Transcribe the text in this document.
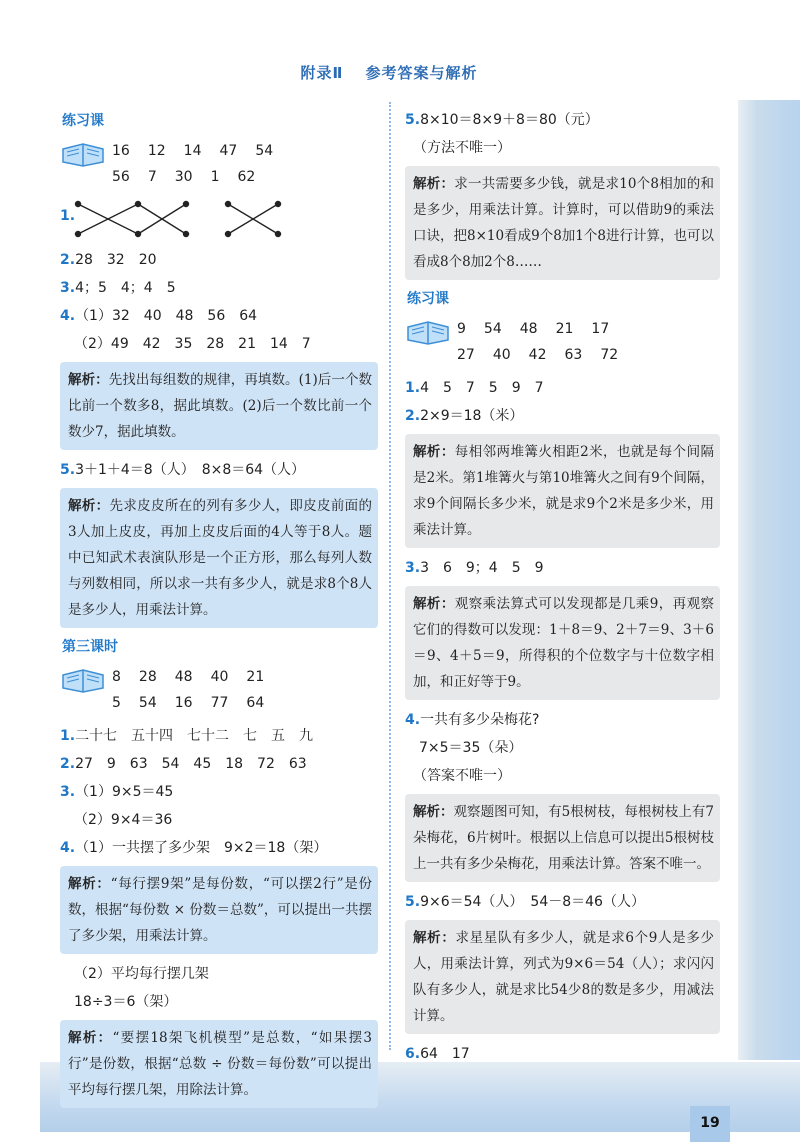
附录Ⅱ 参考答案与解析
练习课
16 12 14 47 54
56 7 30 1 62
1.
2.28　32　20
3.4；5　4；4　5
4.（1）32　40　48　56　64
（2）49　42　35　28　21　14　7
解析：先找出每组数的规律，再填数。(1)后一个数比前一个数多8，据此填数。(2)后一个数比前一个数少7，据此填数。
5.3＋1＋4＝8（人）　8×8＝64（人）
解析：先求皮皮所在的列有多少人，即皮皮前面的3人加上皮皮，再加上皮皮后面的4人等于8人。题中已知武术表演队形是一个正方形，那么每列人数与列数相同，所以求一共有多少人，就是求8个8人是多少人，用乘法计算。
第三课时
8 28 48 40 21
5 54 16 77 64
1.二十七　五十四　七十二　七　五　九
2.27　9　63　54　45　18　72　63
3.（1）9×5＝45
（2）9×4＝36
4.（1）一共摆了多少架　9×2＝18（架）
解析：“每行摆9架”是每份数，“可以摆2行”是份数，根据“每份数 × 份数＝总数”，可以提出一共摆了多少架，用乘法计算。
（2）平均每行摆几架
18÷3＝6（架）
解析：“要摆18架飞机模型”是总数，“如果摆3行”是份数，根据“总数 ÷ 份数＝每份数”可以提出平均每行摆几架，用除法计算。
5.8×10＝8×9＋8＝80（元）
（方法不唯一）
解析：求一共需要多少钱，就是求10个8相加的和是多少，用乘法计算。计算时，可以借助9的乘法口诀，把8×10看成9个8加1个8进行计算，也可以看成8个8加2个8……
练习课
9 54 48 21 17
27 40 42 63 72
1.4　5　7　5　9　7
2.2×9＝18（米）
解析：每相邻两堆篝火相距2米，也就是每个间隔是2米。第1堆篝火与第10堆篝火之间有9个间隔，求9个间隔长多少米，就是求9个2米是多少米，用乘法计算。
3.3　6　9；4　5　9
解析：观察乘法算式可以发现都是几乘9，再观察它们的得数可以发现：1＋8＝9、2＋7＝9、3＋6＝9、4＋5＝9，所得积的个位数字与十位数字相加，和正好等于9。
4.一共有多少朵梅花?
7×5＝35（朵）
（答案不唯一）
解析：观察题图可知，有5根树枝，每根树枝上有7朵梅花，6片树叶。根据以上信息可以提出5根树枝上一共有多少朵梅花，用乘法计算。答案不唯一。
5.9×6＝54（人）　54－8＝46（人）
解析：求星星队有多少人，就是求6个9人是多少人，用乘法计算，列式为9×6＝54（人）；求闪闪队有多少人，就是求比54少8的数是多少，用减法计算。
6.64　17
19
